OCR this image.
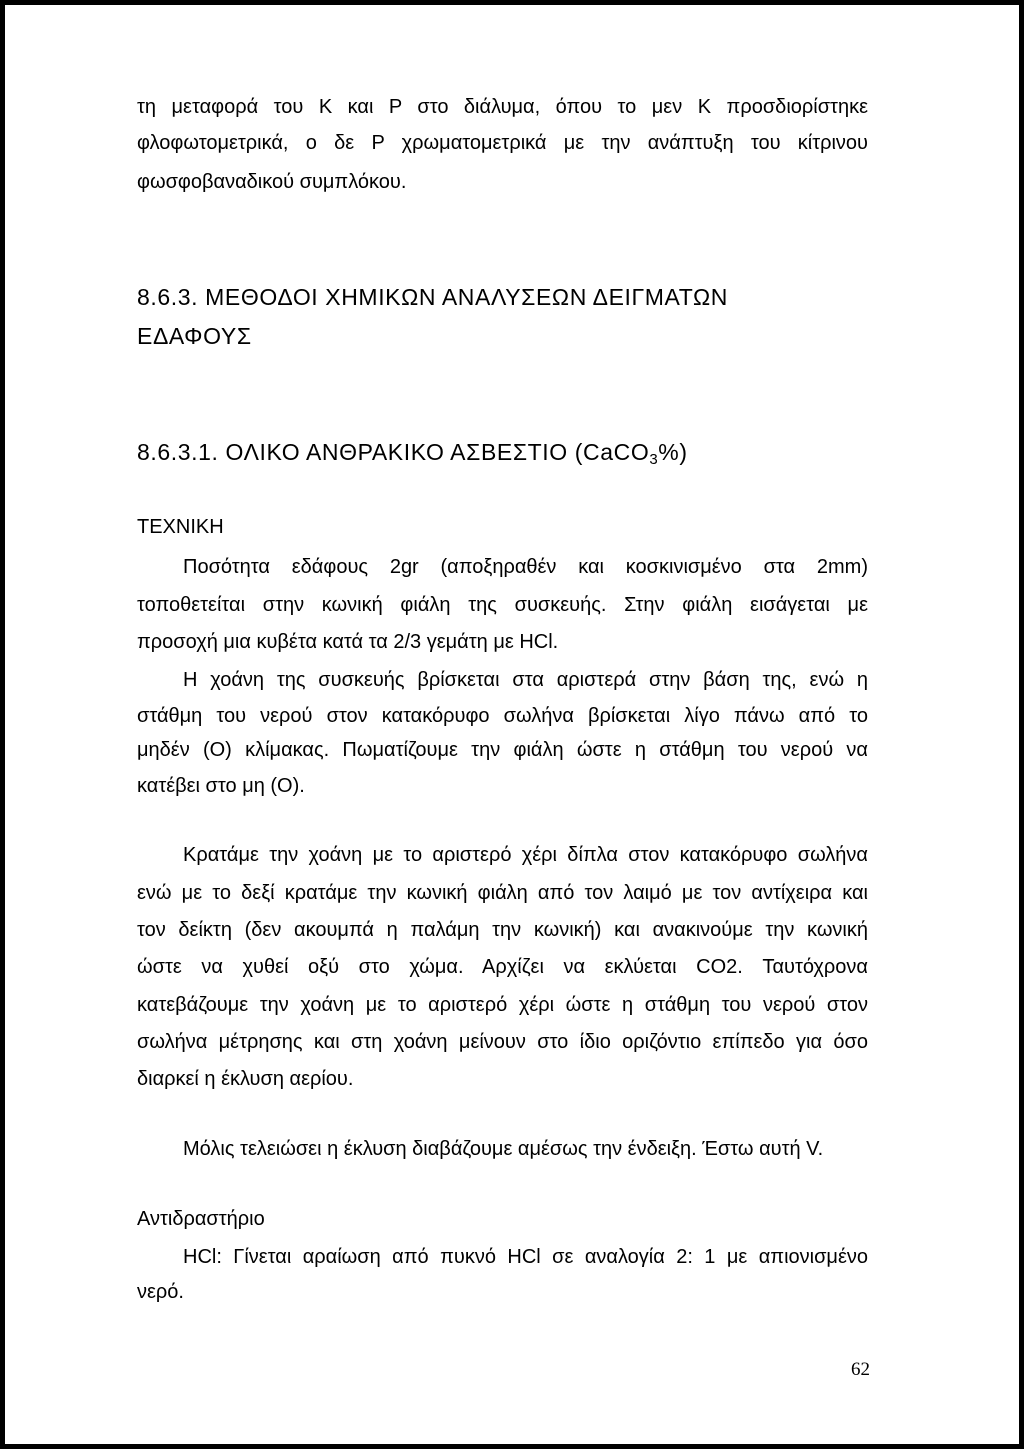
τη μεταφορά του Κ και Ρ στο διάλυμα, όπου το μεν Κ προσδιορίστηκε
φλοφωτομετρικά, ο δε Ρ χρωματομετρικά με την ανάπτυξη του κίτρινου
φωσφοβαναδικού συμπλόκου.
8.6.3. ΜΕΘΟΔΟΙ ΧΗΜΙΚΩΝ ΑΝΑΛΥΣΕΩΝ ΔΕΙΓΜΑΤΩΝ
ΕΔΑΦΟΥΣ
8.6.3.1. ΟΛΙΚΟ ΑΝΘΡΑΚΙΚΟ ΑΣΒΕΣΤΙΟ (CaCO$_3$%)
ΤΕΧΝΙΚΗ
Ποσότητα εδάφους 2gr (αποξηραθέν και κοσκινισμένο στα 2mm)
τοποθετείται στην κωνική φιάλη της συσκευής. Στην φιάλη εισάγεται με
προσοχή μια κυβέτα κατά τα 2/3 γεμάτη με HCl.
Η χοάνη της συσκευής βρίσκεται στα αριστερά στην βάση της, ενώ η
στάθμη του νερού στον κατακόρυφο σωλήνα βρίσκεται λίγο πάνω από το
μηδέν (Ο) κλίμακας. Πωματίζουμε την φιάλη ώστε η στάθμη του νερού να
κατέβει στο μη (Ο).
Κρατάμε την χοάνη με το αριστερό χέρι δίπλα στον κατακόρυφο σωλήνα
ενώ με το δεξί κρατάμε την κωνική φιάλη από τον λαιμό με τον αντίχειρα και
τον δείκτη (δεν ακουμπά η παλάμη την κωνική) και ανακινούμε την κωνική
ώστε να χυθεί οξύ στο χώμα. Αρχίζει να εκλύεται CO2. Ταυτόχρονα
κατεβάζουμε την χοάνη με το αριστερό χέρι ώστε η στάθμη του νερού στον
σωλήνα μέτρησης και στη χοάνη μείνουν στο ίδιο οριζόντιο επίπεδο για όσο
διαρκεί η έκλυση αερίου.
Μόλις τελειώσει η έκλυση διαβάζουμε αμέσως την ένδειξη. Έστω αυτή V.
Αντιδραστήριο
HCl: Γίνεται αραίωση από πυκνό HCl σε αναλογία 2: 1 με απιονισμένο
νερό.
62
